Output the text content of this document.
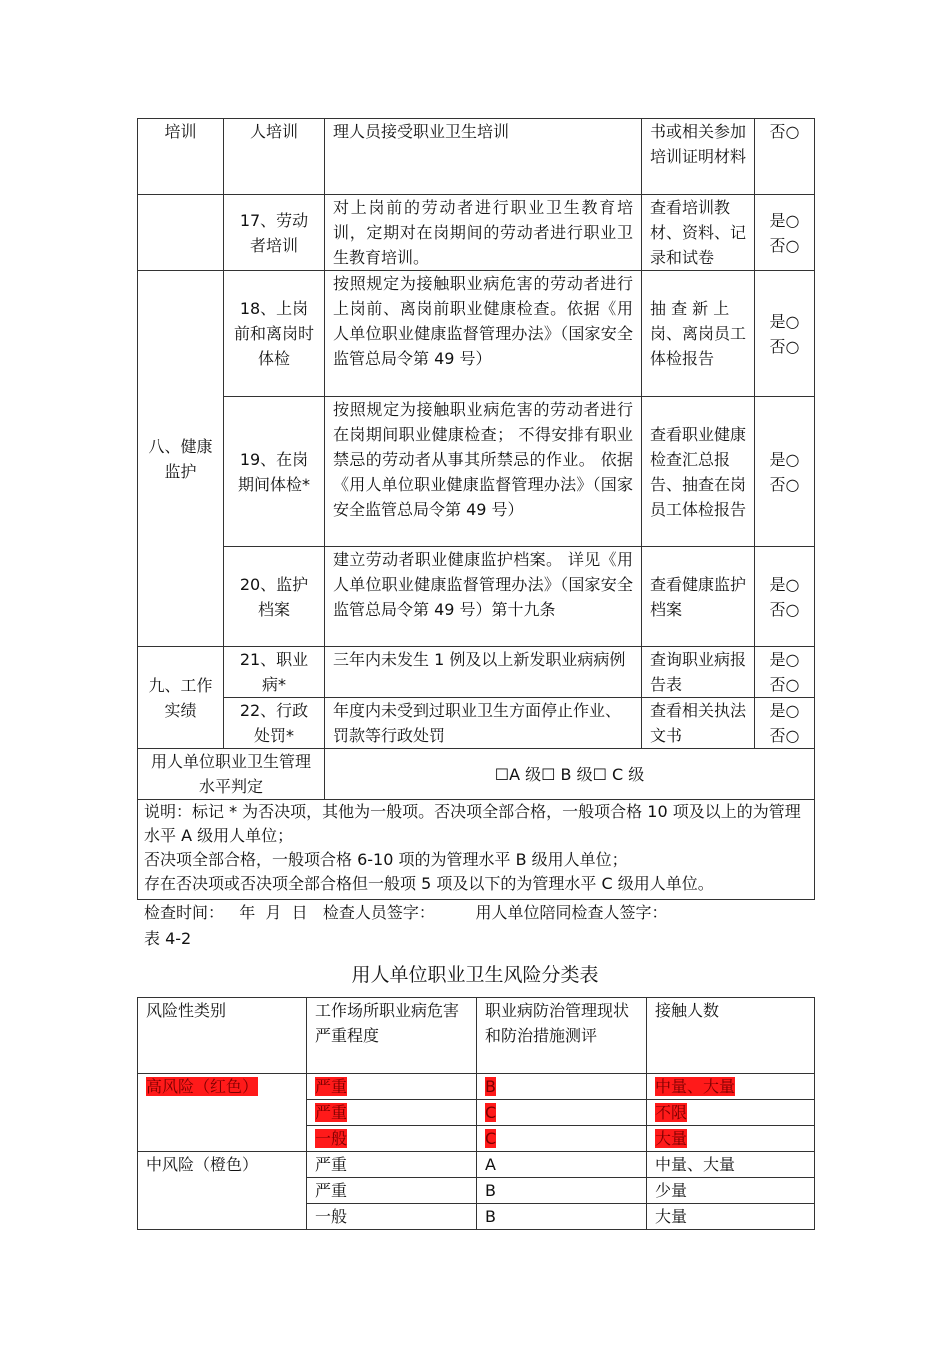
培训	人培训	理人员接受职业卫生培训	书或相关参加培训证明材料	否○
	17、劳动者培训	对上岗前的劳动者进行职业卫生教育培训，定期对在岗期间的劳动者进行职业卫生教育培训。	查看培训教材、资料、记录和试卷	是○
否○

八、健康监护	18、上岗前和离岗时体检	按照规定为接触职业病危害的劳动者进行上岗前、离岗前职业健康检查。依据《用人单位职业健康监督管理办法》（国家安全监管总局令第 49 号）	抽 查 新 上 岗、离岗员工体检报告	是○
否○

	19、在岗期间体检*	按照规定为接触职业病危害的劳动者进行在岗期间职业健康检查； 不得安排有职业禁忌的劳动者从事其所禁忌的作业。 依据《用人单位职业健康监督管理办法》（国家安全监管总局令第 49 号）	查看职业健康检查汇总报告、抽查在岗员工体检报告	是○
否○

	20、监护档案	建立劳动者职业健康监护档案。 详见《用人单位职业健康监督管理办法》（国家安全监管总局令第 49 号）第十九条	查看健康监护档案	是○
否○

九、工作实绩	21、职业病*	三年内未发生 1 例及以上新发职业病病例	查询职业病报告表	是○
否○

	22、行政处罚*	年度内未受到过职业卫生方面停止作业、罚款等行政处罚	查看相关执法文书	是○
否○

用人单位职业卫生管理水平判定		☐A 级☐ B 级☐ C 级		

说明：标记 * 为否决项，其他为一般项。否决项全部合格，一般项合格 10 项及以上的为管理水平 A 级用人单位；
否决项全部合格，一般项合格 6-10 项的为管理水平 B 级用人单位；
存在否决项或否决项全部合格但一般项 5 项及以下的为管理水平 C 级用人单位。				
检查时间：   年  月  日   检查人员签字：        用人单位陪同检查人签字：
表 4-2
用人单位职业卫生风险分类表
风险性类别	工作场所职业病危害严重程度	职业病防治管理现状和防治措施测评	接触人数
高风险（红色）	严重	B	中量、大量
	严重	C	不限
	一般	C	大量
中风险（橙色）	严重	A	中量、大量
	严重	B	少量
	一般	B	大量
